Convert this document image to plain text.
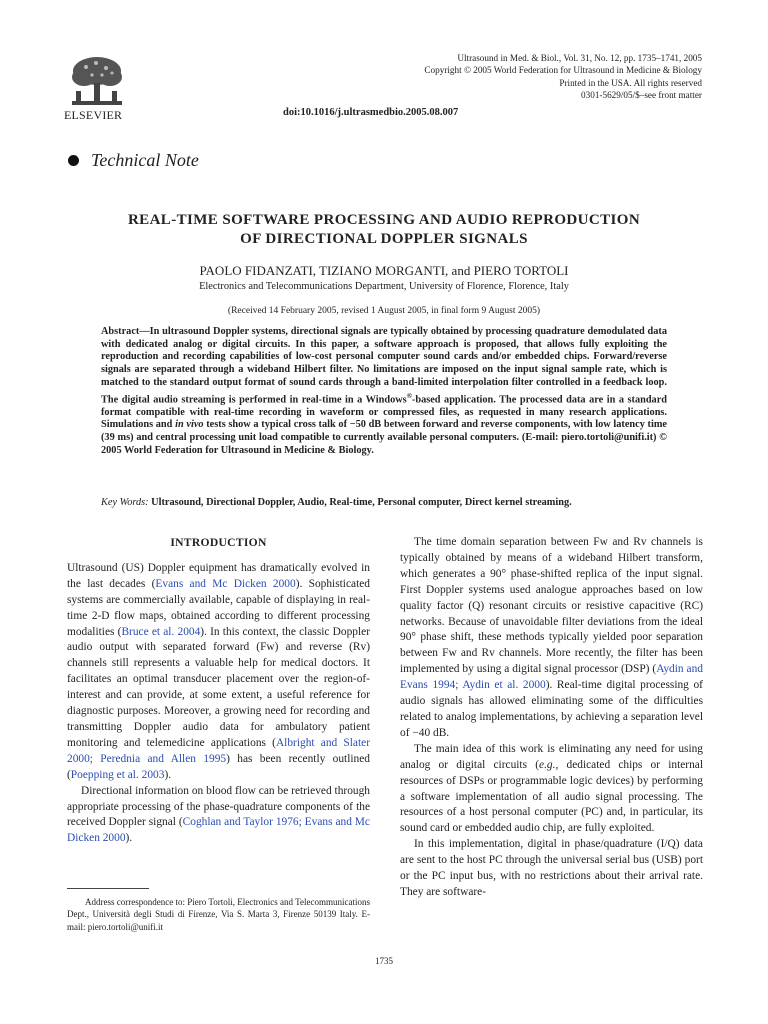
ELSEVIER
Ultrasound in Med. & Biol., Vol. 31, No. 12, pp. 1735–1741, 2005
Copyright © 2005 World Federation for Ultrasound in Medicine & Biology
Printed in the USA. All rights reserved
0301-5629/05/$–see front matter
doi:10.1016/j.ultrasmedbio.2005.08.007
Technical Note
REAL-TIME SOFTWARE PROCESSING AND AUDIO REPRODUCTION
OF DIRECTIONAL DOPPLER SIGNALS
PAOLO FIDANZATI, TIZIANO MORGANTI, and PIERO TORTOLI
Electronics and Telecommunications Department, University of Florence, Florence, Italy
(Received 14 February 2005, revised 1 August 2005, in final form 9 August 2005)
Abstract—In ultrasound Doppler systems, directional signals are typically obtained by processing quadrature demodulated data with dedicated analog or digital circuits. In this paper, a software approach is proposed, that allows fully exploiting the reproduction and recording capabilities of low-cost personal computer sound cards and/or embedded chips. Forward/reverse signals are separated through a wideband Hilbert filter. No limitations are imposed on the input signal sample rate, which is matched to the standard output format of sound cards through a band-limited interpolation filter controlled in a feedback loop. The digital audio streaming is performed in real-time in a Windows®-based application. The processed data are in a standard format compatible with real-time recording in waveform or compressed files, as requested in many research applications. Simulations and in vivo tests show a typical cross talk of −50 dB between forward and reverse components, with low latency time (39 ms) and central processing unit load compatible to currently available personal computers. (E-mail: piero.tortoli@unifi.it) © 2005 World Federation for Ultrasound in Medicine & Biology.
Key Words: Ultrasound, Directional Doppler, Audio, Real-time, Personal computer, Direct kernel streaming.

INTRODUCTION

Ultrasound (US) Doppler equipment has dramatically evolved in the last decades (Evans and Mc Dicken 2000). Sophisticated systems are commercially available, capable of displaying in real-time 2-D flow maps, obtained according to different processing modalities (Bruce et al. 2004). In this context, the classic Doppler audio output with separated forward (Fw) and reverse (Rv) channels still represents a valuable help for medical doctors. It facilitates an optimal transducer placement over the region-of-interest and can provide, at some extent, a useful reference for diagnostic purposes. Moreover, a growing need for recording and transmitting Doppler audio data for ambulatory patient monitoring and telemedicine applications (Albright and Slater 2000; Perednia and Allen 1995) has been recently outlined (Poepping et al. 2003).

Directional information on blood flow can be retrieved through appropriate processing of the phase-quadrature components of the received Doppler signal (Coghlan and Taylor 1976; Evans and Mc Dicken 2000).

The time domain separation between Fw and Rv channels is typically obtained by means of a wideband Hilbert transform, which generates a 90° phase-shifted replica of the input signal. First Doppler systems used analogue approaches based on low quality factor (Q) resonant circuits or resistive capacitive (RC) networks. Because of unavoidable filter deviations from the ideal 90° phase shift, these methods typically yielded poor separation between Fw and Rv channels. More recently, the filter has been implemented by using a digital signal processor (DSP) (Aydin and Evans 1994; Aydin et al. 2000). Real-time digital processing of audio signals has allowed eliminating some of the difficulties related to analog implementations, by achieving a separation level of −40 dB.

The main idea of this work is eliminating any need for using analog or digital circuits (e.g., dedicated chips or internal resources of DSPs or programmable logic devices) by performing a software implementation of all audio signal processing. The resources of a host personal computer (PC) and, in particular, its sound card or embedded audio chip, are fully exploited.

In this implementation, digital in phase/quadrature (I/Q) data are sent to the host PC through the universal serial bus (USB) port or the PC input bus, with no restrictions about their arrival rate. They are software-

Address correspondence to: Piero Tortoli, Electronics and Telecommunications Dept., Università degli Studi di Firenze, Via S. Marta 3, Firenze 50139 Italy. E-mail: piero.tortoli@unifi.it
1735
